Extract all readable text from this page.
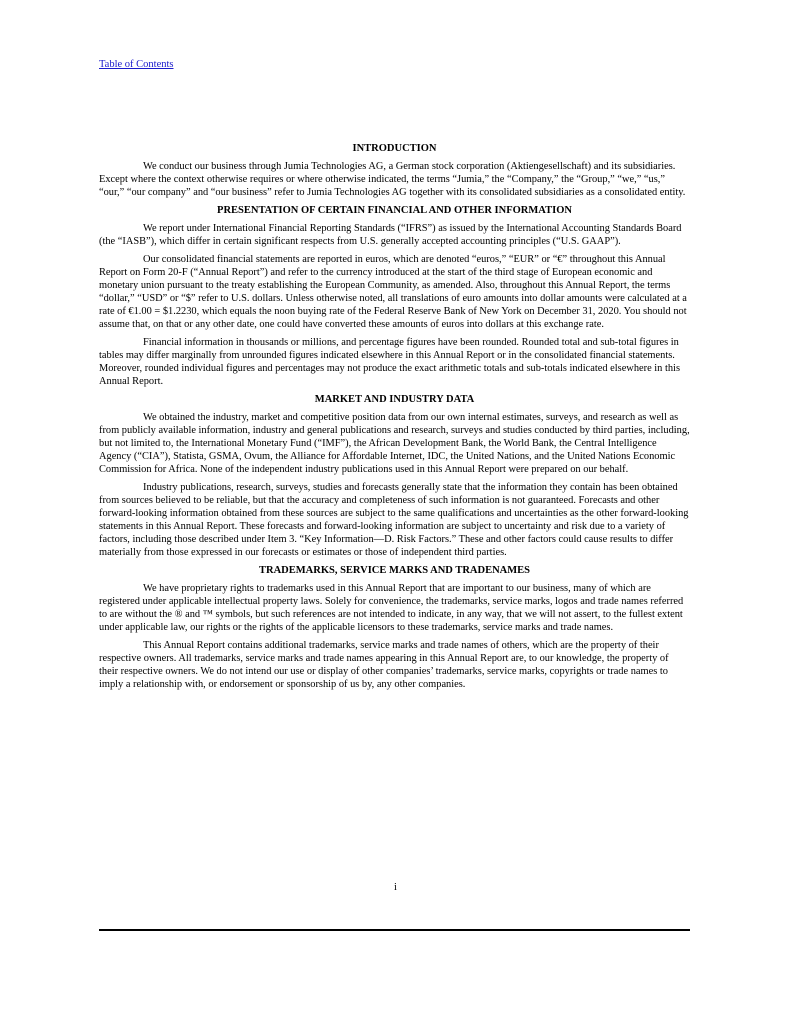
Table of Contents
INTRODUCTION

We conduct our business through Jumia Technologies AG, a German stock corporation (Aktiengesellschaft) and its subsidiaries. Except where the context otherwise requires or where otherwise indicated, the terms “Jumia,” the “Company,” the “Group,” “we,” “us,” “our,” “our company” and “our business” refer to Jumia Technologies AG together with its consolidated subsidiaries as a consolidated entity.

PRESENTATION OF CERTAIN FINANCIAL AND OTHER INFORMATION

We report under International Financial Reporting Standards (“IFRS”) as issued by the International Accounting Standards Board (the “IASB”), which differ in certain significant respects from U.S. generally accepted accounting principles (“U.S. GAAP”).

Our consolidated financial statements are reported in euros, which are denoted “euros,” “EUR” or “€” throughout this Annual Report on Form 20-F (“Annual Report”) and refer to the currency introduced at the start of the third stage of European economic and monetary union pursuant to the treaty establishing the European Community, as amended. Also, throughout this Annual Report, the terms “dollar,” “USD” or “$” refer to U.S. dollars. Unless otherwise noted, all translations of euro amounts into dollar amounts were calculated at a rate of €1.00 = $1.2230, which equals the noon buying rate of the Federal Reserve Bank of New York on December 31, 2020. You should not assume that, on that or any other date, one could have converted these amounts of euros into dollars at this exchange rate.

Financial information in thousands or millions, and percentage figures have been rounded. Rounded total and sub-total figures in tables may differ marginally from unrounded figures indicated elsewhere in this Annual Report or in the consolidated financial statements. Moreover, rounded individual figures and percentages may not produce the exact arithmetic totals and sub-totals indicated elsewhere in this Annual Report.

MARKET AND INDUSTRY DATA

We obtained the industry, market and competitive position data from our own internal estimates, surveys, and research as well as from publicly available information, industry and general publications and research, surveys and studies conducted by third parties, including, but not limited to, the International Monetary Fund (“IMF”), the African Development Bank, the World Bank, the Central Intelligence Agency (“CIA”), Statista, GSMA, Ovum, the Alliance for Affordable Internet, IDC, the United Nations, and the United Nations Economic Commission for Africa. None of the independent industry publications used in this Annual Report were prepared on our behalf.

Industry publications, research, surveys, studies and forecasts generally state that the information they contain has been obtained from sources believed to be reliable, but that the accuracy and completeness of such information is not guaranteed. Forecasts and other forward-looking information obtained from these sources are subject to the same qualifications and uncertainties as the other forward-looking statements in this Annual Report. These forecasts and forward-looking information are subject to uncertainty and risk due to a variety of factors, including those described under Item 3. “Key Information—D. Risk Factors.” These and other factors could cause results to differ materially from those expressed in our forecasts or estimates or those of independent third parties.

TRADEMARKS, SERVICE MARKS AND TRADENAMES

We have proprietary rights to trademarks used in this Annual Report that are important to our business, many of which are registered under applicable intellectual property laws. Solely for convenience, the trademarks, service marks, logos and trade names referred to are without the ® and ™ symbols, but such references are not intended to indicate, in any way, that we will not assert, to the fullest extent under applicable law, our rights or the rights of the applicable licensors to these trademarks, service marks and trade names.

This Annual Report contains additional trademarks, service marks and trade names of others, which are the property of their respective owners. All trademarks, service marks and trade names appearing in this Annual Report are, to our knowledge, the property of their respective owners. We do not intend our use or display of other companies’ trademarks, service marks, copyrights or trade names to imply a relationship with, or endorsement or sponsorship of us by, any other companies.

i
